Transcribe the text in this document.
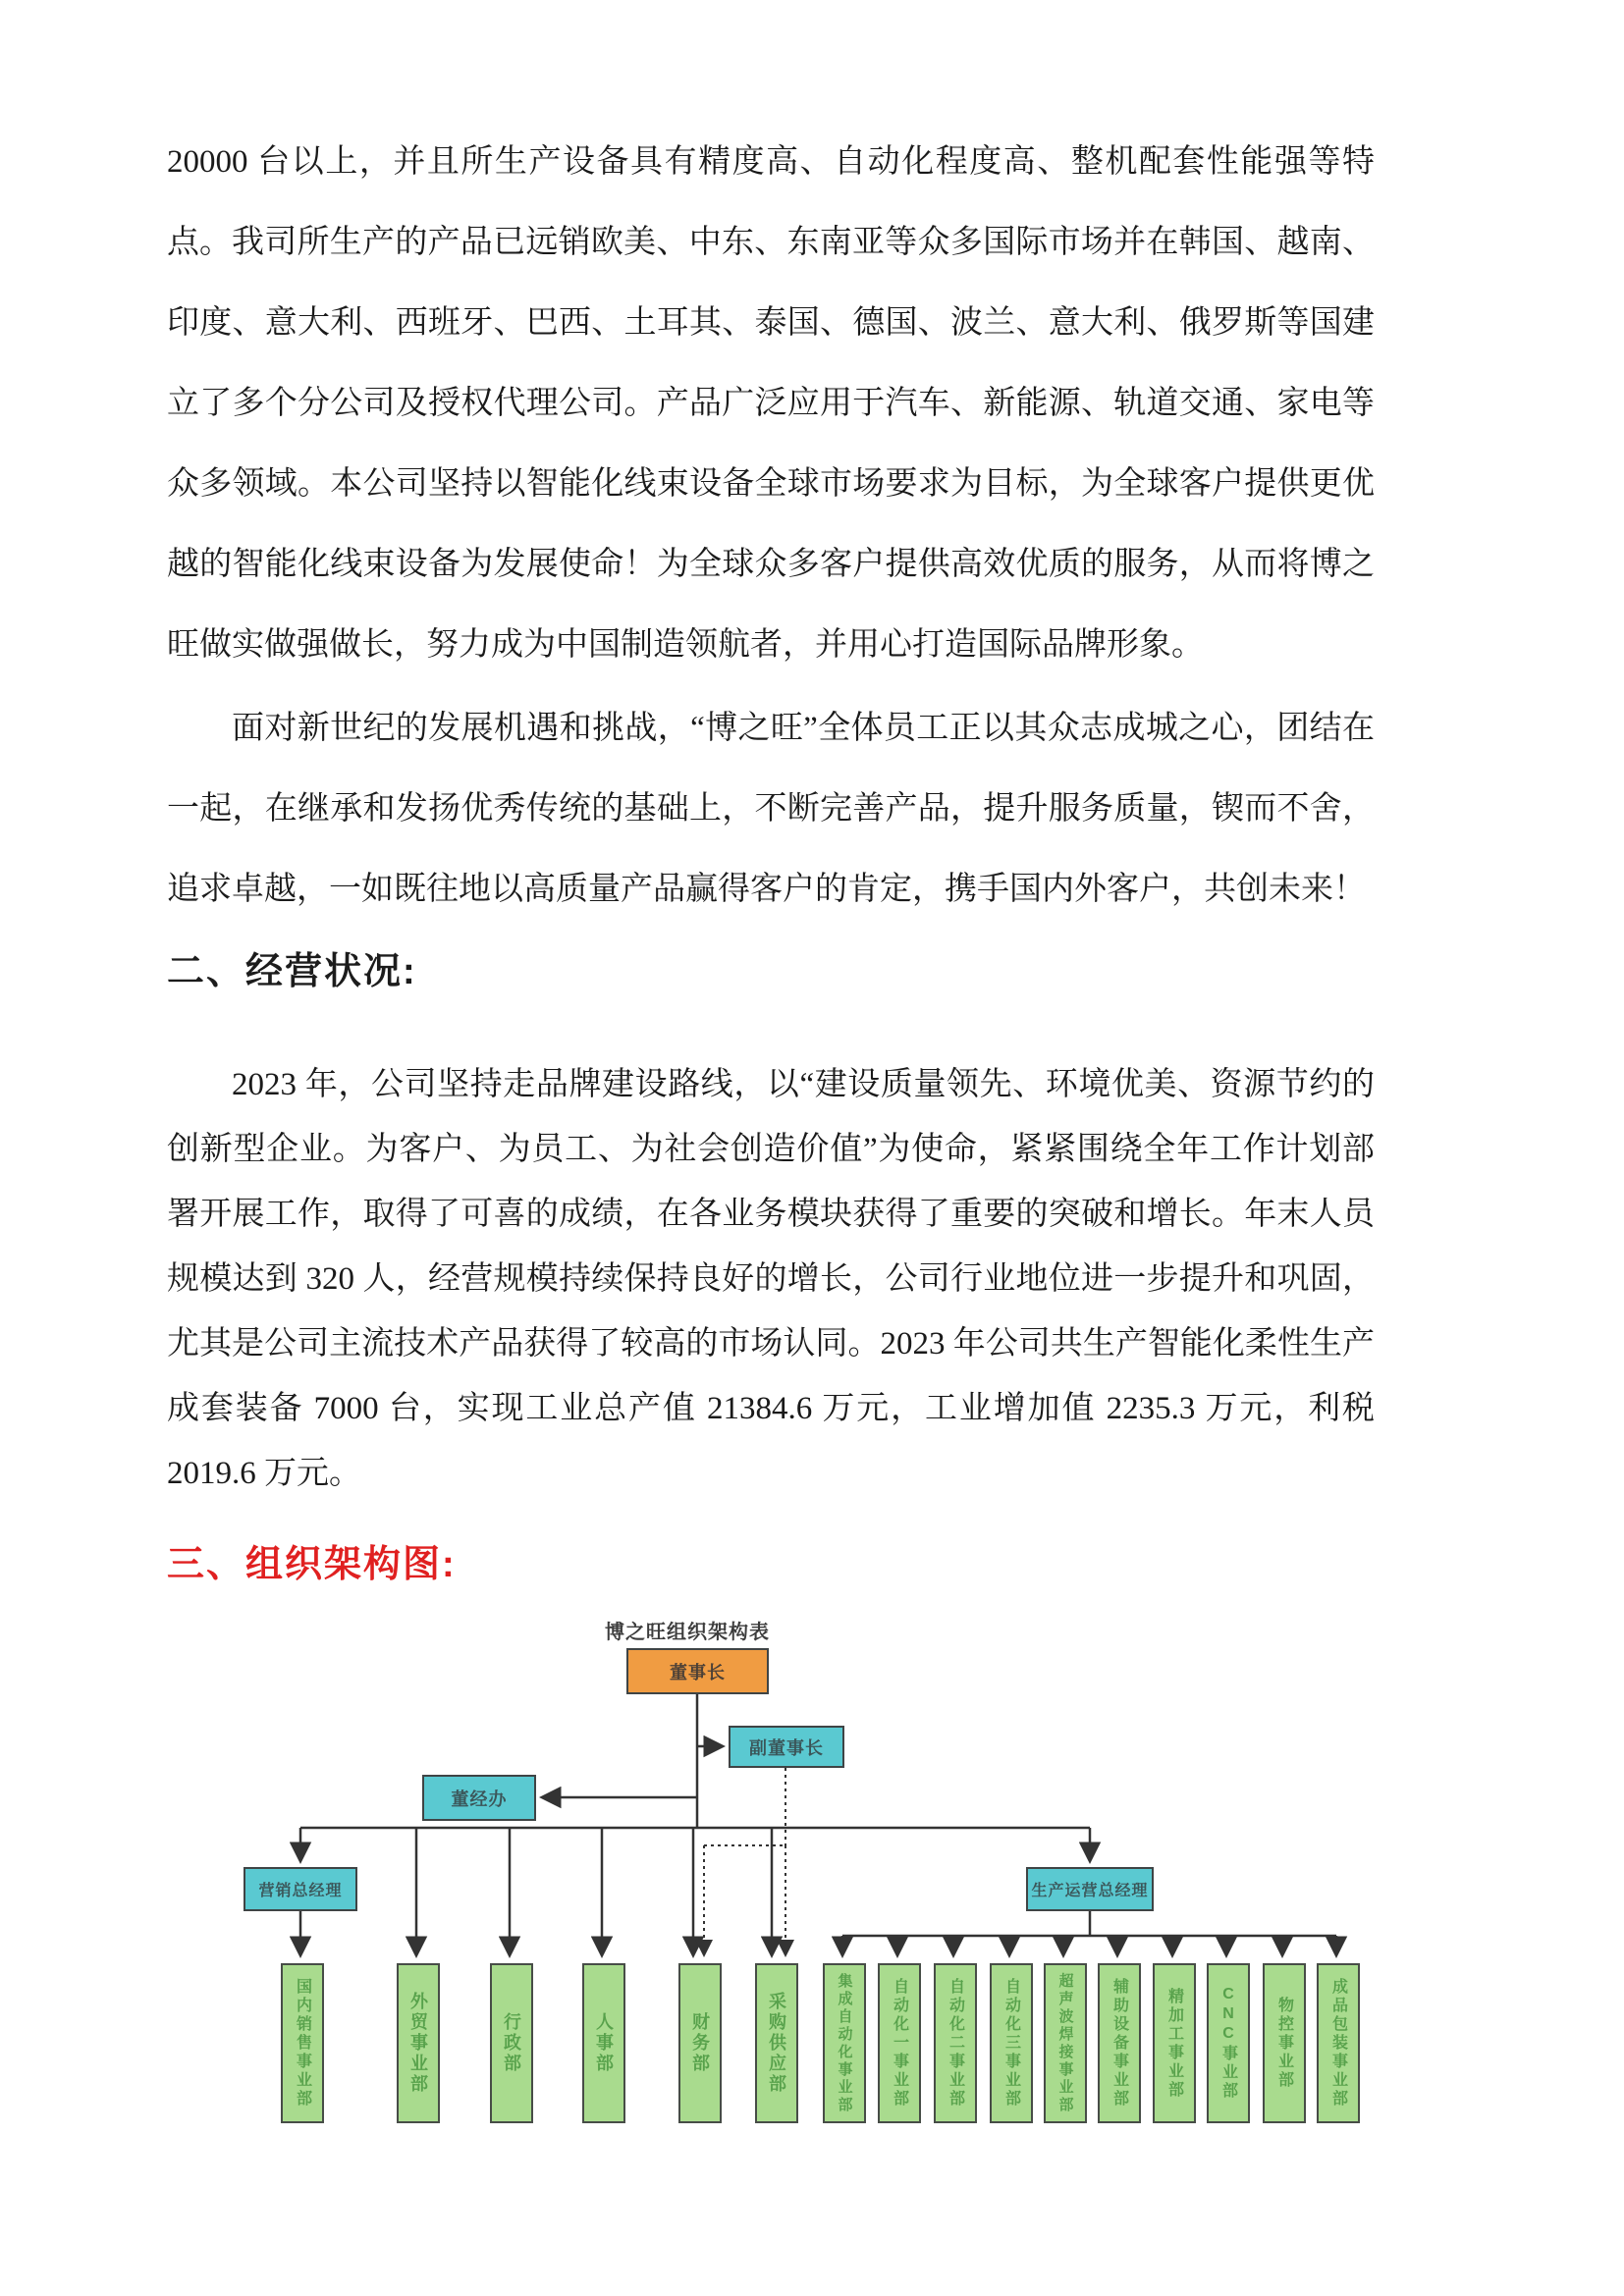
20000 台以上，并且所生产设备具有精度高、自动化程度高、整机配套性能强等特点。 我司所生产的产品已远销欧美、中东、东南亚等众多国际市场并在韩国、越南、印度、意大利、西班牙、巴西、土耳其、泰国、德国、波兰、意大利、俄罗斯等国建立了多个分公司及授权代理公司。产品广泛应用于汽车、新能源、轨道交通、家电等众多领域。本公司坚持以智能化线束设备全球市场要求为目标，为全球客户提供更优越的智能化线束设备为发展使命！为全球众多客户提供高效优质的服务，从而将博之旺做实做强做长，努力成为中国制造领航者，并用心打造国际品牌形象。
面对新世纪的发展机遇和挑战，“博之旺”全体员工正以其众志成城之心，团结在一起，在继承和发扬优秀传统的基础上，不断完善产品，提升服务质量，锲而不舍，追求卓越，一如既往地以高质量产品赢得客户的肯定，携手国内外客户，共创未来！
二、经营状况:
2023 年，公司坚持走品牌建设路线，以“建设质量领先、环境优美、资源节约的创新型企业。为客户、为员工、为社会创造价值”为使命，紧紧围绕全年工作计划部署开展工作，取得了可喜的成绩，在各业务模块获得了重要的突破和增长。年末人员规模达到 320 人，经营规模持续保持良好的增长，公司行业地位进一步提升和巩固，尤其是公司主流技术产品获得了较高的市场认同。2023 年公司共生产智能化柔性生产成套装备 7000 台，实现工业总产值 21384.6 万元，工业增加值 2235.3 万元，利税 2019.6 万元。
三、组织架构图:
博之旺组织架构表
董事长
副董事长
董经办
营销总经理	生产运营总经理
国内销售事业部	外贸事业部	行政部	人事部	财务部	采购供应部	集成自动化事业部	自动化一事业部	自动化二事业部	自动化三事业部	超声波焊接事业部	辅助设备事业部	精加工事业部	CNC事业部	物控事业部	成品包装事业部
